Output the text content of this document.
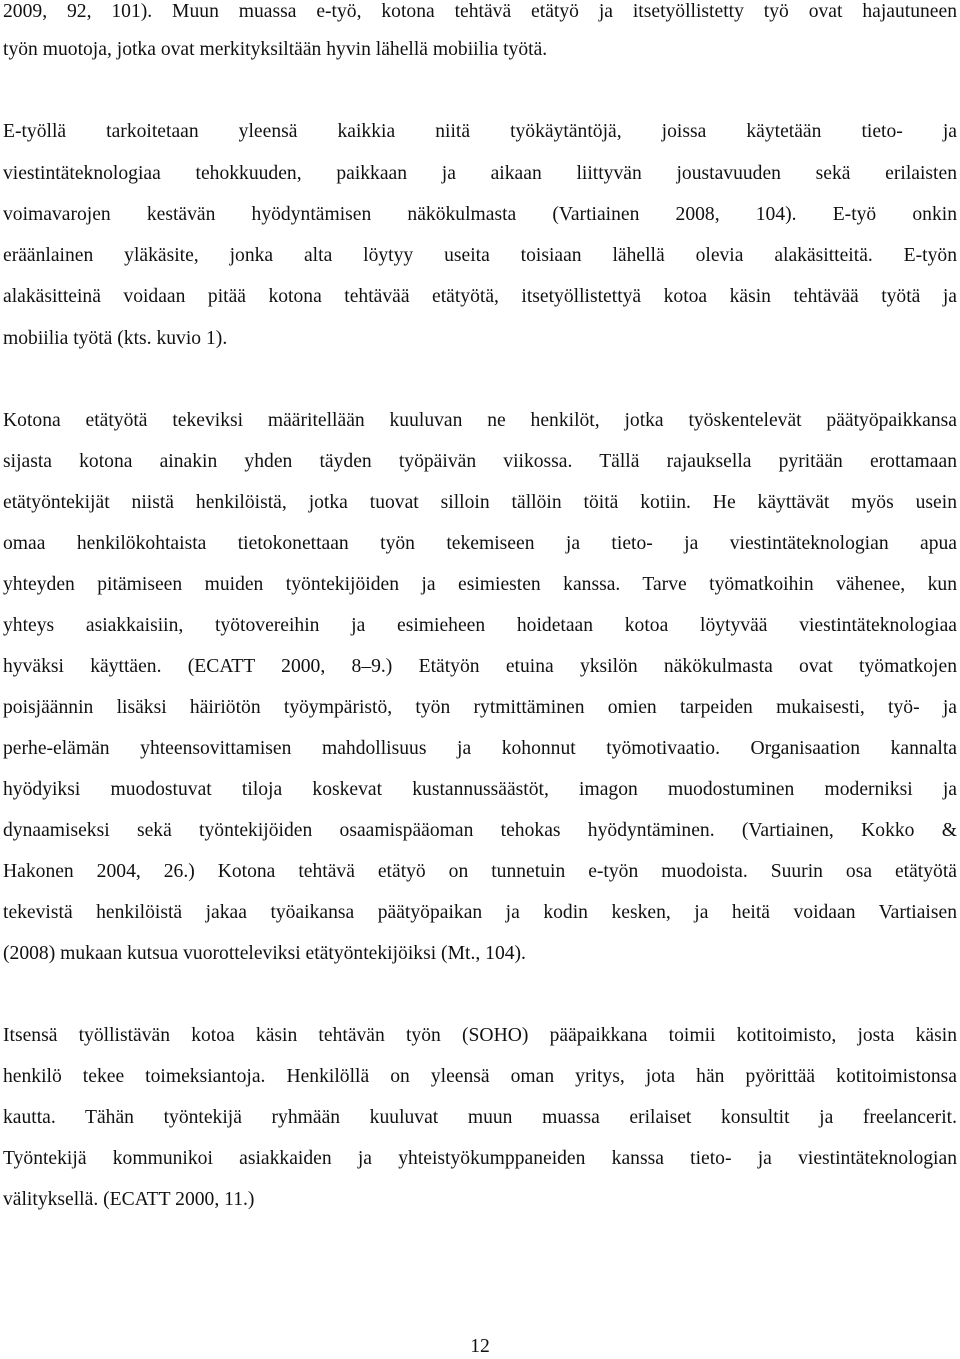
2009, 92, 101). Muun muassa e-työ, kotona tehtävä etätyö ja itsetyöllistetty työ ovat hajautuneen
työn muotoja, jotka ovat merkityksiltään hyvin lähellä mobiilia työtä.
E-työllä tarkoitetaan yleensä kaikkia niitä työkäytäntöjä, joissa käytetään tieto- ja
viestintäteknologiaa tehokkuuden, paikkaan ja aikaan liittyvän joustavuuden sekä erilaisten
voimavarojen kestävän hyödyntämisen näkökulmasta (Vartiainen 2008, 104). E-työ onkin
eräänlainen yläkäsite, jonka alta löytyy useita toisiaan lähellä olevia alakäsitteitä. E-työn
alakäsitteinä voidaan pitää kotona tehtävää etätyötä, itsetyöllistettyä kotoa käsin tehtävää työtä ja
mobiilia työtä (kts. kuvio 1).
Kotona etätyötä tekeviksi määritellään kuuluvan ne henkilöt, jotka työskentelevät päätyöpaikkansa
sijasta kotona ainakin yhden täyden työpäivän viikossa. Tällä rajauksella pyritään erottamaan
etätyöntekijät niistä henkilöistä, jotka tuovat silloin tällöin töitä kotiin. He käyttävät myös usein
omaa henkilökohtaista tietokonettaan työn tekemiseen ja tieto- ja viestintäteknologian apua
yhteyden pitämiseen muiden työntekijöiden ja esimiesten kanssa. Tarve työmatkoihin vähenee, kun
yhteys asiakkaisiin, työtovereihin ja esimieheen hoidetaan kotoa löytyvää viestintäteknologiaa
hyväksi käyttäen. (ECATT 2000, 8–9.) Etätyön etuina yksilön näkökulmasta ovat työmatkojen
poisjäännin lisäksi häiriötön työympäristö, työn rytmittäminen omien tarpeiden mukaisesti, työ- ja
perhe-elämän yhteensovittamisen mahdollisuus ja kohonnut työmotivaatio. Organisaation kannalta
hyödyiksi muodostuvat tiloja koskevat kustannussäästöt, imagon muodostuminen moderniksi ja
dynaamiseksi sekä työntekijöiden osaamispääoman tehokas hyödyntäminen. (Vartiainen, Kokko &
Hakonen 2004, 26.) Kotona tehtävä etätyö on tunnetuin e-työn muodoista. Suurin osa etätyötä
tekevistä henkilöistä jakaa työaikansa päätyöpaikan ja kodin kesken, ja heitä voidaan Vartiaisen
(2008) mukaan kutsua vuorotteleviksi etätyöntekijöiksi (Mt., 104).
Itsensä työllistävän kotoa käsin tehtävän työn (SOHO) pääpaikkana toimii kotitoimisto, josta käsin
henkilö tekee toimeksiantoja. Henkilöllä on yleensä oman yritys, jota hän pyörittää kotitoimistonsa
kautta. Tähän työntekijä ryhmään kuuluvat muun muassa erilaiset konsultit ja freelancerit.
Työntekijä kommunikoi asiakkaiden ja yhteistyökumppaneiden kanssa tieto- ja viestintäteknologian
välityksellä. (ECATT 2000, 11.)
12
